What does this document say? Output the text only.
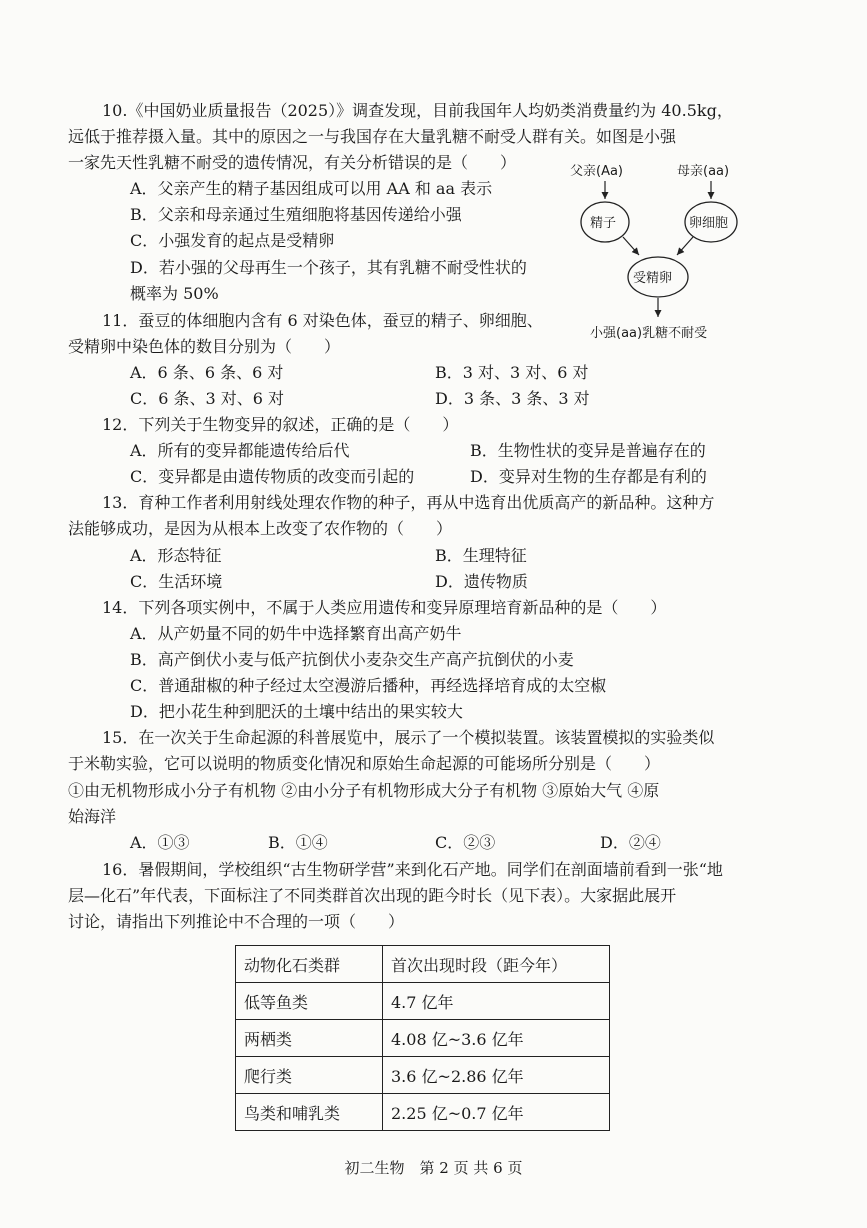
10.《中国奶业质量报告（2025）》调查发现，目前我国年人均奶类消费量约为 40.5kg，
远低于推荐摄入量。其中的原因之一与我国存在大量乳糖不耐受人群有关。如图是小强
一家先天性乳糖不耐受的遗传情况，有关分析错误的是（　　）
A．父亲产生的精子基因组成可以用 AA 和 aa 表示
B．父亲和母亲通过生殖细胞将基因传递给小强
C．小强发育的起点是受精卵
D．若小强的父母再生一个孩子，其有乳糖不耐受性状的
概率为 50%
父亲(Aa)	母亲(aa)
精子	卵细胞
受精卵
小强(aa)乳糖不耐受
11．蚕豆的体细胞内含有 6 对染色体，蚕豆的精子、卵细胞、
受精卵中染色体的数目分别为（　　）
A．6 条、6 条、6 对	B．3 对、3 对、6 对
C．6 条、3 对、6 对	D．3 条、3 条、3 对
12．下列关于生物变异的叙述，正确的是（　　）
A．所有的变异都能遗传给后代	B．生物性状的变异是普遍存在的
C．变异都是由遗传物质的改变而引起的	D．变异对生物的生存都是有利的
13．育种工作者利用射线处理农作物的种子，再从中选育出优质高产的新品种。这种方
法能够成功，是因为从根本上改变了农作物的（　　）
A．形态特征	B．生理特征
C．生活环境	D．遗传物质
14．下列各项实例中，不属于人类应用遗传和变异原理培育新品种的是（　　）
A．从产奶量不同的奶牛中选择繁育出高产奶牛
B．高产倒伏小麦与低产抗倒伏小麦杂交生产高产抗倒伏的小麦
C．普通甜椒的种子经过太空漫游后播种，再经选择培育成的太空椒
D．把小花生种到肥沃的土壤中结出的果实较大
15．在一次关于生命起源的科普展览中，展示了一个模拟装置。该装置模拟的实验类似
于米勒实验，它可以说明的物质变化情况和原始生命起源的可能场所分别是（　　）
①由无机物形成小分子有机物 ②由小分子有机物形成大分子有机物 ③原始大气 ④原
始海洋
A．①③	B．①④	C．②③	D．②④
16．暑假期间，学校组织“古生物研学营”来到化石产地。同学们在剖面墙前看到一张“地
层—化石”年代表，下面标注了不同类群首次出现的距今时长（见下表）。大家据此展开
讨论，请指出下列推论中不合理的一项（　　）
动物化石类群	首次出现时段（距今年）
低等鱼类	4.7 亿年
两栖类	4.08 亿~3.6 亿年
爬行类	3.6 亿~2.86 亿年
鸟类和哺乳类	2.25 亿~0.7 亿年
初二生物　第 2 页 共 6 页
